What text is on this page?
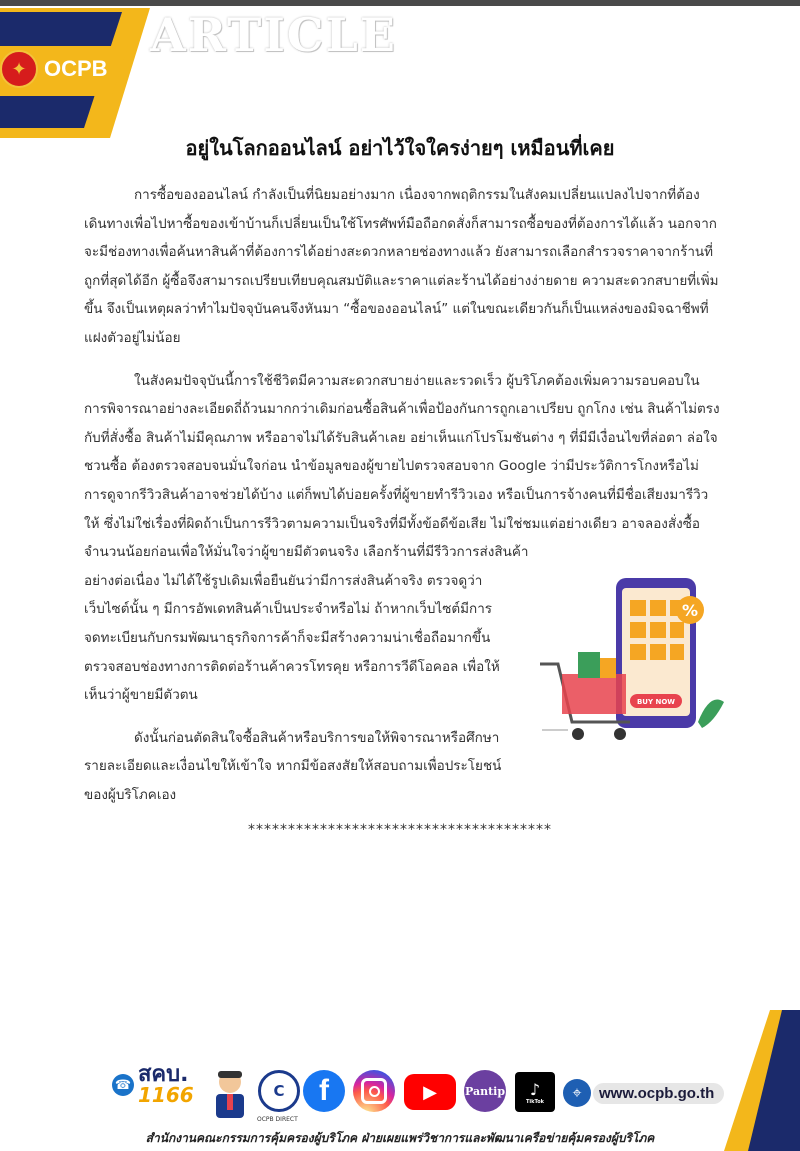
ARTICLE
✦ OCPB
อยู่ในโลกออนไลน์ อย่าไว้ใจใครง่ายๆ เหมือนที่เคย

การซื้อของออนไลน์ กำลังเป็นที่นิยมอย่างมาก เนื่องจากพฤติกรรมในสังคมเปลี่ยนแปลงไปจากที่ต้องเดินทางเพื่อไปหาซื้อของเข้าบ้านก็เปลี่ยนเป็นใช้โทรศัพท์มือถือกดสั่งก็สามารถซื้อของที่ต้องการได้แล้ว นอกจากจะมีช่องทางเพื่อค้นหาสินค้าที่ต้องการได้อย่างสะดวกหลายช่องทางแล้ว ยังสามารถเลือกสำรวจราคาจากร้านที่ถูกที่สุดได้อีก ผู้ซื้อจึงสามารถเปรียบเทียบคุณสมบัติและราคาแต่ละร้านได้อย่างง่ายดาย ความสะดวกสบายที่เพิ่มขึ้น จึงเป็นเหตุผลว่าทำไมปัจจุบันคนจึงหันมา “ซื้อของออนไลน์” แต่ในขณะเดียวกันก็เป็นแหล่งของมิจฉาชีพที่แฝงตัวอยู่ไม่น้อย

ในสังคมปัจจุบันนี้การใช้ชีวิตมีความสะดวกสบายง่ายและรวดเร็ว ผู้บริโภคต้องเพิ่มความรอบคอบในการพิจารณาอย่างละเอียดถี่ถ้วนมากกว่าเดิมก่อนซื้อสินค้าเพื่อป้องกันการถูกเอาเปรียบ ถูกโกง เช่น สินค้าไม่ตรงกับที่สั่งซื้อ สินค้าไม่มีคุณภาพ หรืออาจไม่ได้รับสินค้าเลย อย่าเห็นแก่โปรโมชันต่าง ๆ ที่มีมีเงื่อนไขที่ล่อตา ล่อใจชวนซื้อ ต้องตรวจสอบจนมั่นใจก่อน นำข้อมูลของผู้ขายไปตรวจสอบจาก Google ว่ามีประวัติการโกงหรือไม่ การดูจากรีวิวสินค้าอาจช่วยได้บ้าง แต่ก็พบได้บ่อยครั้งที่ผู้ขายทำรีวิวเอง หรือเป็นการจ้างคนที่มีชื่อเสียงมารีวิวให้ ซึ่งไม่ใช่เรื่องที่ผิดถ้าเป็นการรีวิวตามความเป็นจริงที่มีทั้งข้อดีข้อเสีย ไม่ใช่ชมแต่อย่างเดียว อาจลองสั่งซื้อจำนวนน้อยก่อนเพื่อให้มั่นใจว่าผู้ขายมีตัวตนจริง เลือกร้านที่มีรีวิวการส่งสินค้า

อย่างต่อเนื่อง ไม่ได้ใช้รูปเดิมเพื่อยืนยันว่ามีการส่งสินค้าจริง ตรวจดูว่าเว็บไซต์นั้น ๆ มีการอัพเดทสินค้าเป็นประจำหรือไม่ ถ้าหากเว็บไซต์มีการจดทะเบียนกับกรมพัฒนาธุรกิจการค้าก็จะมีสร้างความน่าเชื่อถือมากขึ้น ตรวจสอบช่องทางการติดต่อร้านค้าควรโทรคุย หรือการวีดีโอคอล เพื่อให้เห็นว่าผู้ขายมีตัวตน

ดังนั้นก่อนตัดสินใจซื้อสินค้าหรือบริการขอให้พิจารณาหรือศึกษารายละเอียดและเงื่อนไขให้เข้าใจ หากมีข้อสงสัยให้สอบถามเพื่อประโยชน์ของผู้บริโภคเอง

BUY NOW
%
**************************************
☎ สคบ.
1166	C
OCPB DIRECT
f	▶	Pantip	♪
TikTok	⌖	www.ocpb.go.th
สำนักงานคณะกรรมการคุ้มครองผู้บริโภค ฝ่ายเผยแพร่วิชาการและพัฒนาเครือข่ายคุ้มครองผู้บริโภค
